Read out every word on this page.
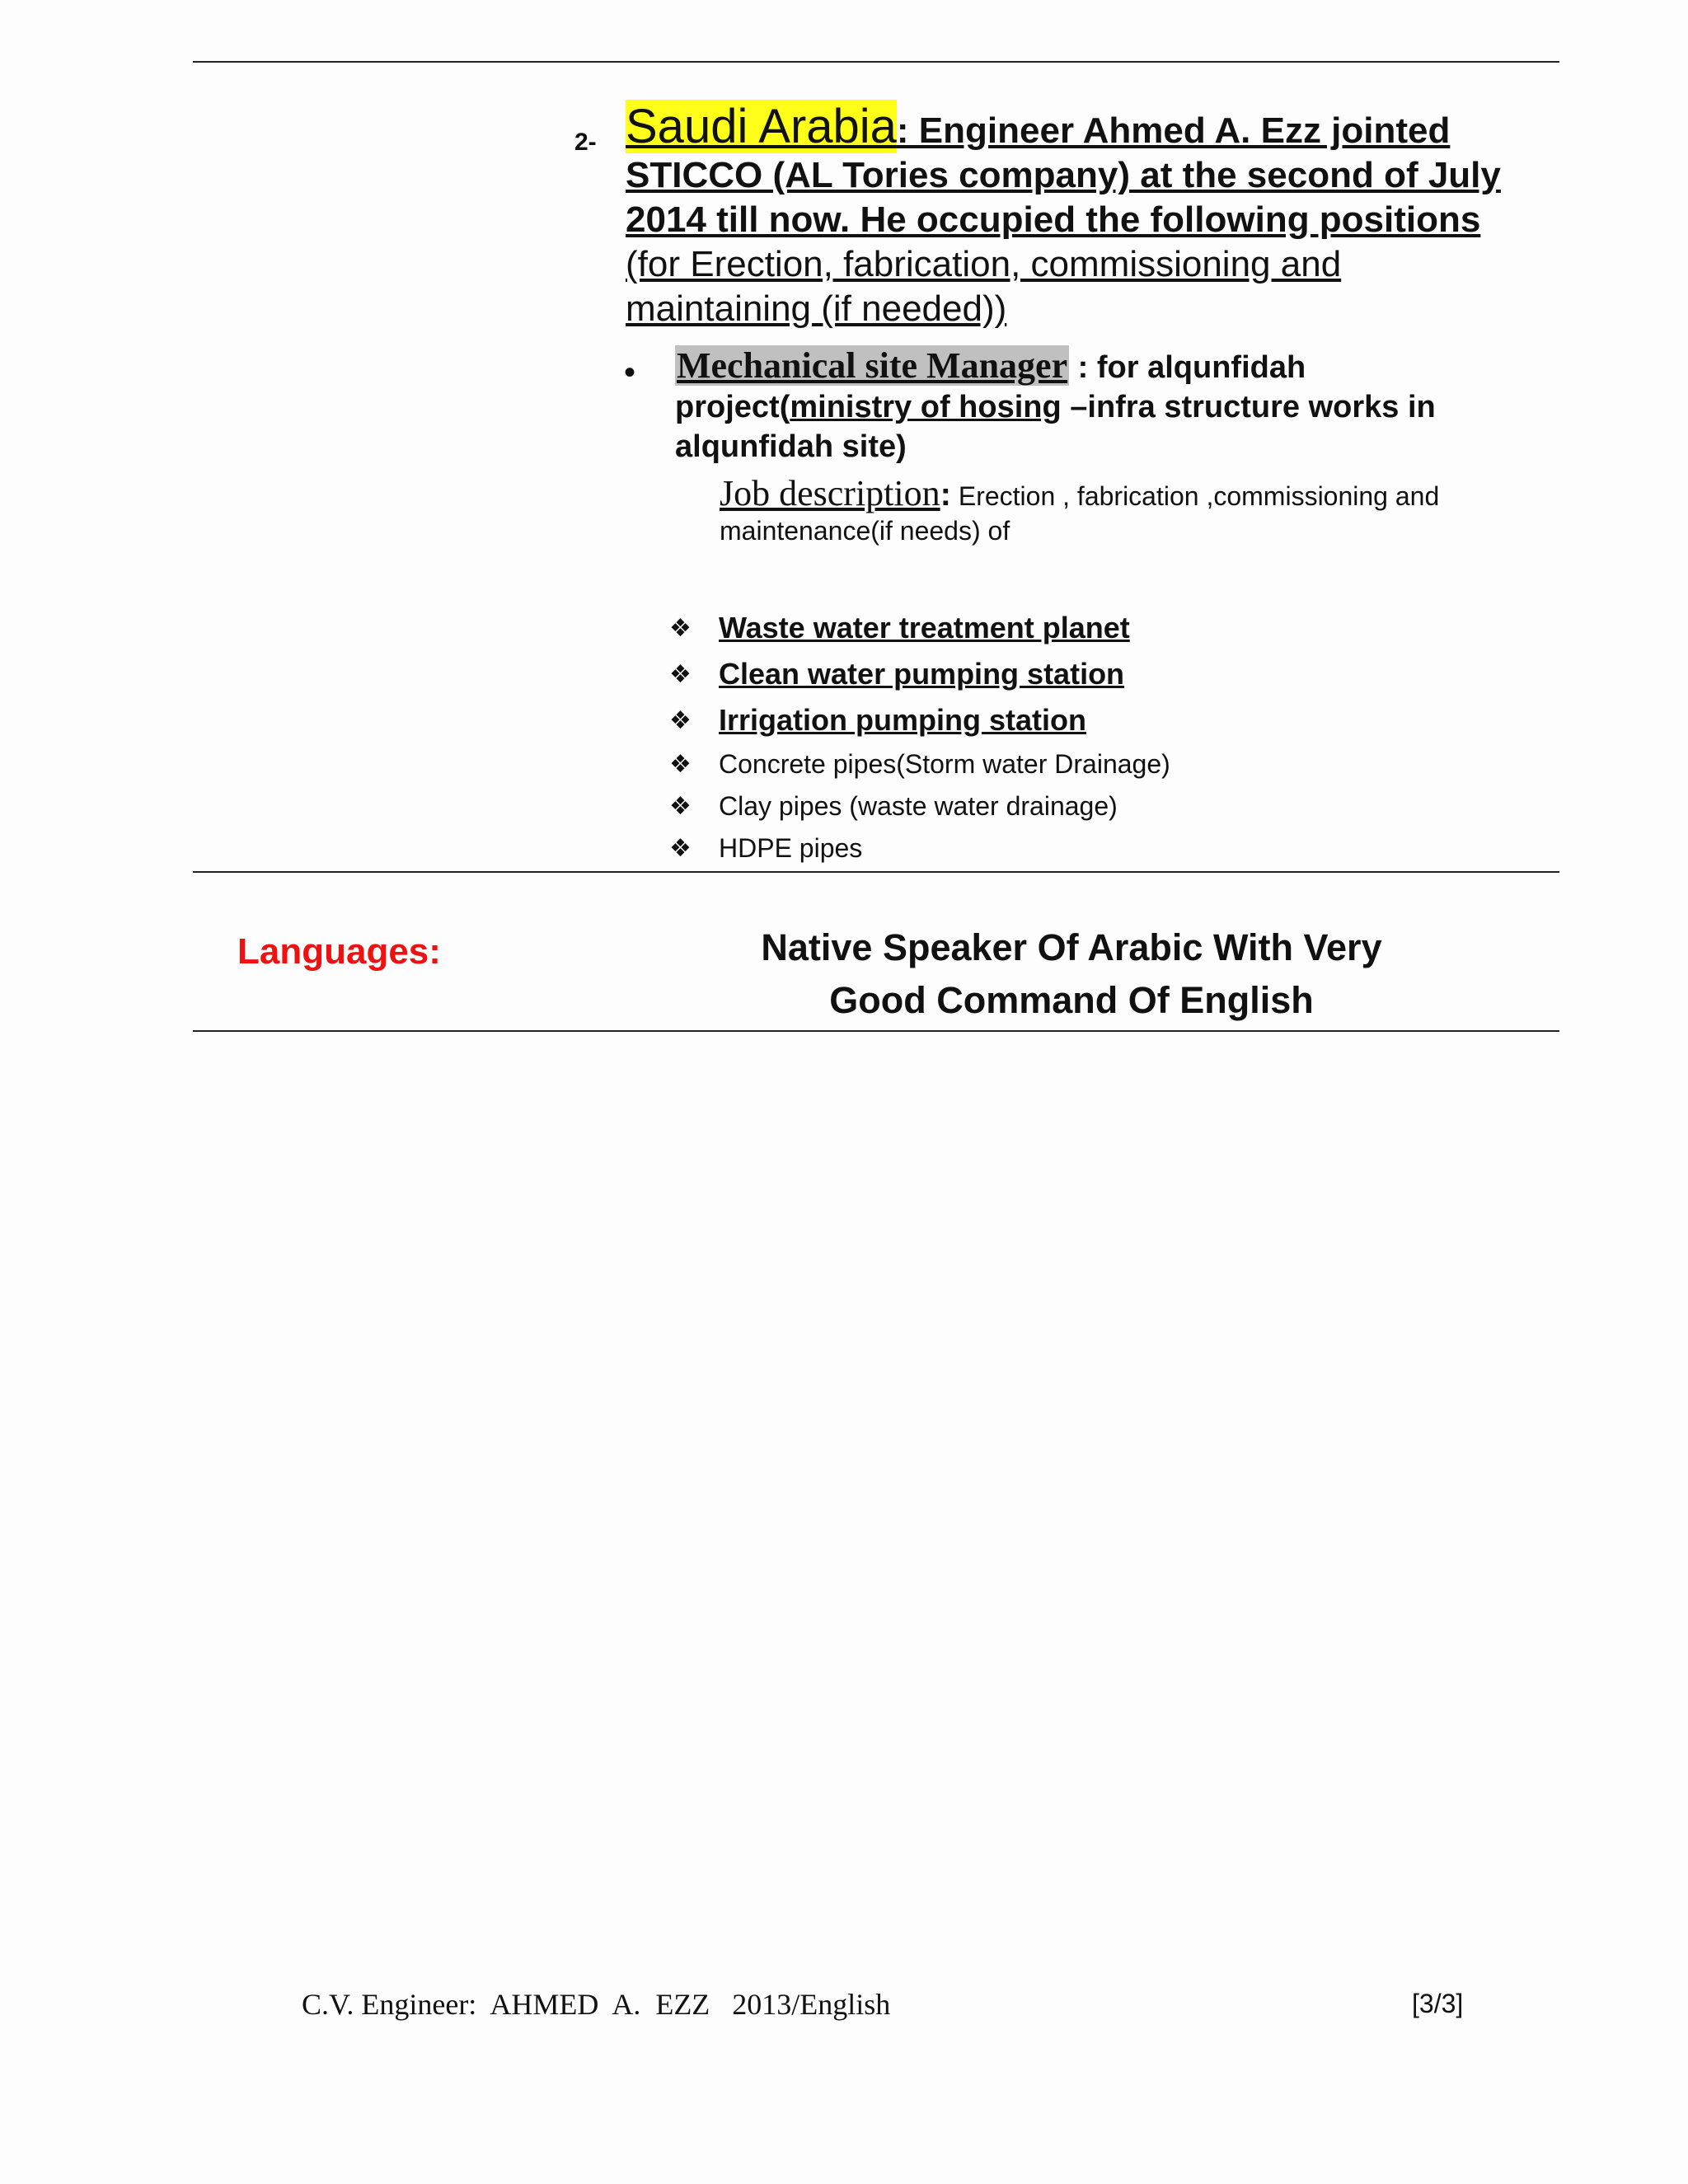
2- Saudi Arabia: Engineer Ahmed A. Ezz jointed
STICCO (AL Tories company) at the second of July
2014 till now. He occupied the following positions
(for Erection, fabrication, commissioning and
maintaining (if needed))
• Mechanical site Manager : for alqunfidah
project(ministry of hosing –infra structure works in
alqunfidah site)
Job description: Erection , fabrication ,commissioning and
maintenance(if needs) of
❖ Waste water treatment planet
❖ Clean water pumping station
❖ Irrigation pumping station
❖	Concrete pipes(Storm water Drainage)
❖	Clay pipes (waste water drainage)
❖	HDPE pipes
Languages:	Native Speaker Of Arabic With Very
Good Command Of English
C.V. Engineer:  AHMED  A.  EZZ   2013/English	[3/3]
